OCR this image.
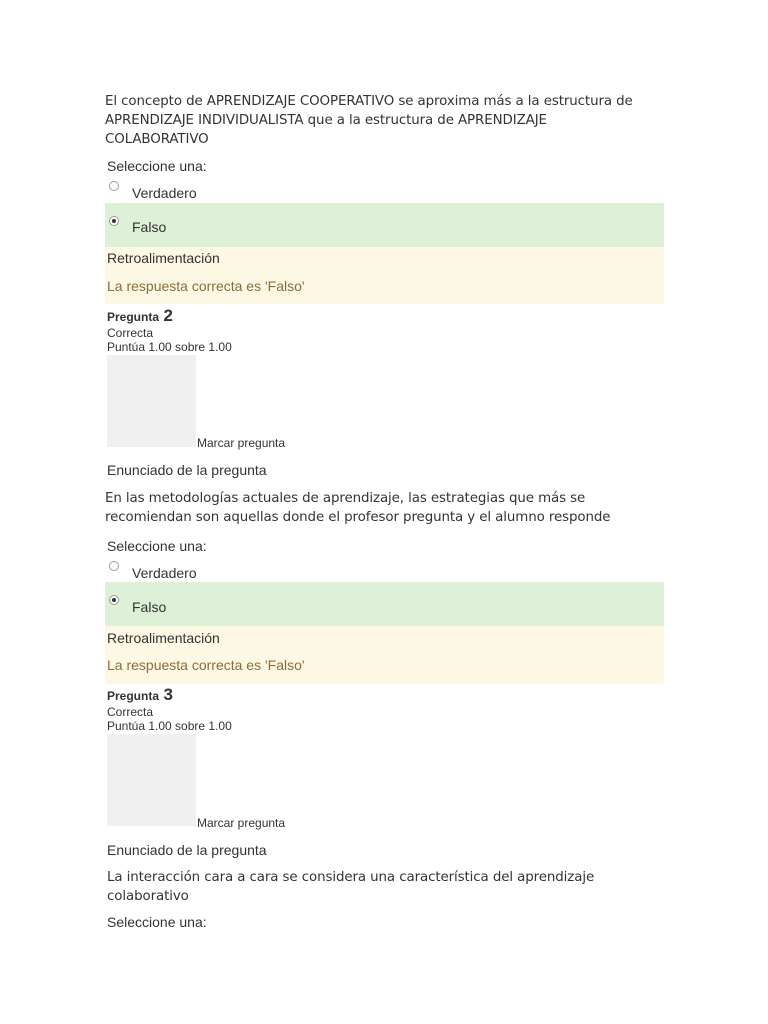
El concepto de APRENDIZAJE COOPERATIVO se aproxima más a la estructura de
APRENDIZAJE INDIVIDUALISTA que a la estructura de APRENDIZAJE
COLABORATIVO
Seleccione una:
Verdadero
Falso
Retroalimentación
La respuesta correcta es 'Falso'
Pregunta 2
Correcta
Puntúa 1.00 sobre 1.00
Marcar pregunta
Enunciado de la pregunta
En las metodologías actuales de aprendizaje, las estrategias que más se
recomiendan son aquellas donde el profesor pregunta y el alumno responde
Seleccione una:
Verdadero
Falso
Retroalimentación
La respuesta correcta es 'Falso'
Pregunta 3
Correcta
Puntúa 1.00 sobre 1.00
Marcar pregunta
Enunciado de la pregunta
La interacción cara a cara se considera una característica del aprendizaje
colaborativo
Seleccione una:
